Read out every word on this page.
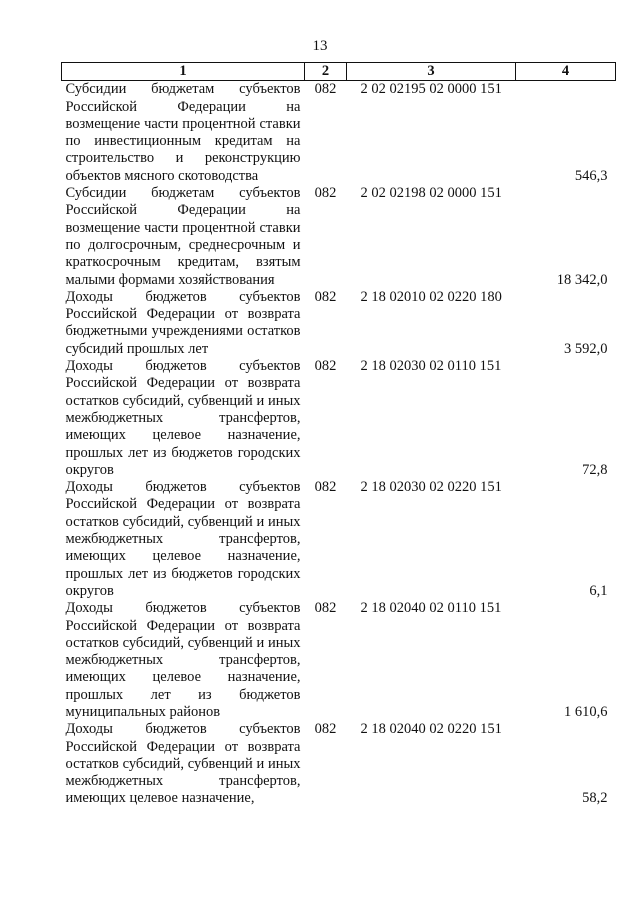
13
1	2	3	4
Субсидии бюджетам субъектов Российской Федерации на возмещение части процентной ставки по инвестиционным кредитам на строительство и реконструкцию объектов мясного скотоводства	082	2 02 02195 02 0000 151	546,3
Субсидии бюджетам субъектов Российской Федерации на возмещение части процентной ставки по долгосрочным, среднесрочным и краткосрочным кредитам, взятым малыми формами хозяйствования	082	2 02 02198 02 0000 151	18 342,0
Доходы бюджетов субъектов Российской Федерации от возврата бюджетными учреждениями остатков субсидий прошлых лет	082	2 18 02010 02 0220 180	3 592,0
Доходы бюджетов субъектов Российской Федерации от возврата остатков субсидий, субвенций и иных межбюджетных трансфертов, имеющих целевое назначение, прошлых лет из бюджетов городских округов	082	2 18 02030 02 0110 151	72,8
Доходы бюджетов субъектов Российской Федерации от возврата остатков субсидий, субвенций и иных межбюджетных трансфертов, имеющих целевое назначение, прошлых лет из бюджетов городских округов	082	2 18 02030 02 0220 151	6,1
Доходы бюджетов субъектов Российской Федерации от возврата остатков субсидий, субвенций и иных межбюджетных трансфертов, имеющих целевое назначение, прошлых лет из бюджетов муниципальных районов	082	2 18 02040 02 0110 151	1 610,6
Доходы бюджетов субъектов Российской Федерации от возврата остатков субсидий, субвенций и иных межбюджетных трансфертов, имеющих целевое назначение,	082	2 18 02040 02 0220 151	58,2
